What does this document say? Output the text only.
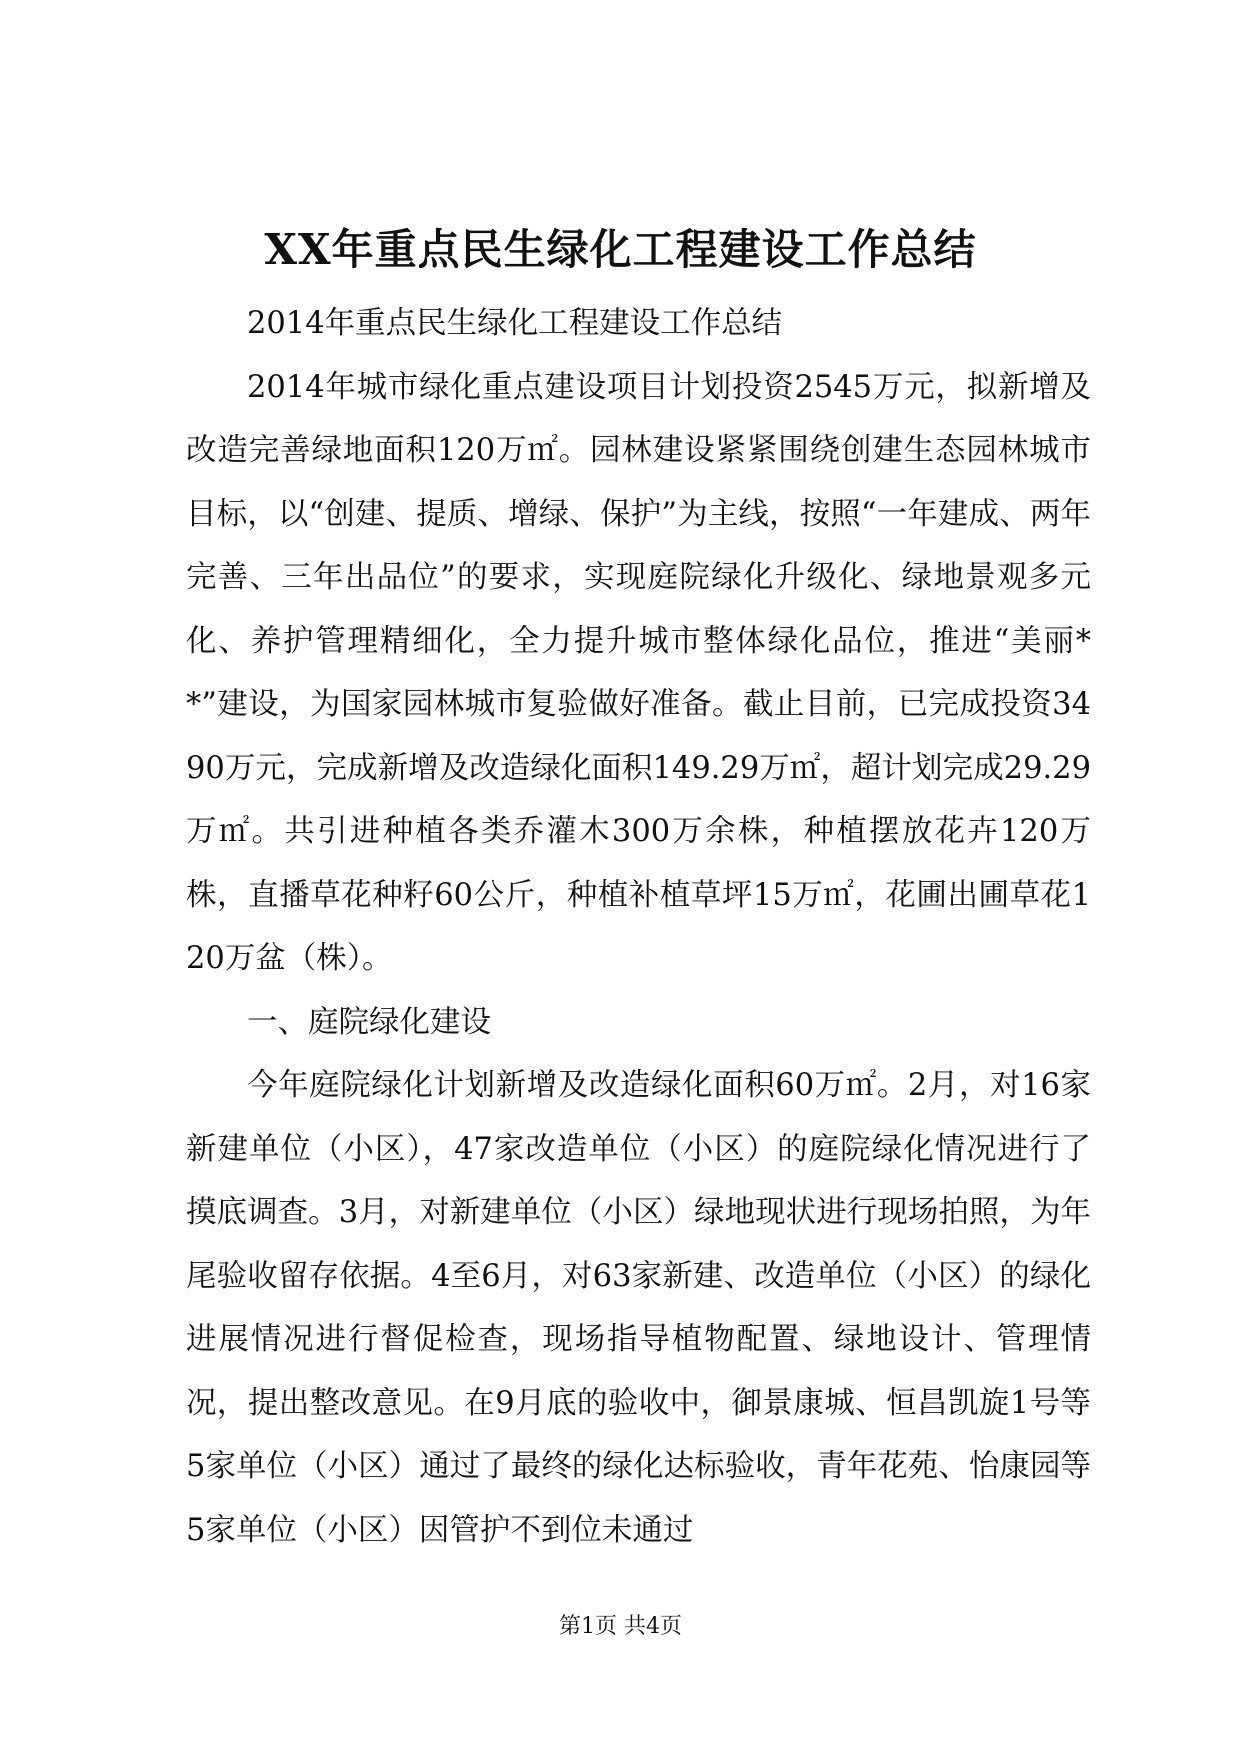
XX年重点民生绿化工程建设工作总结

2014年重点民生绿化工程建设工作总结

2014年城市绿化重点建设项目计划投资2545万元，拟新增及改造完善绿地面积120万㎡。园林建设紧紧围绕创建生态园林城市目标，以“创建、提质、增绿、保护”为主线，按照“一年建成、两年完善、三年出品位”的要求，实现庭院绿化升级化、绿地景观多元化、养护管理精细化，全力提升城市整体绿化品位，推进“美丽**”建设，为国家园林城市复验做好准备。截止目前，已完成投资3490万元，完成新增及改造绿化面积149.29万㎡，超计划完成29.29万㎡。共引进种植各类乔灌木300万余株，种植摆放花卉120万株，直播草花种籽60公斤，种植补植草坪15万㎡，花圃出圃草花120万盆（株）。

一、庭院绿化建设

今年庭院绿化计划新增及改造绿化面积60万㎡。2月，对16家新建单位（小区），47家改造单位（小区）的庭院绿化情况进行了摸底调查。3月，对新建单位（小区）绿地现状进行现场拍照，为年尾验收留存依据。4至6月，对63家新建、改造单位（小区）的绿化进展情况进行督促检查，现场指导植物配置、绿地设计、管理情况，提出整改意见。在9月底的验收中，御景康城、恒昌凯旋1号等5家单位（小区）通过了最终的绿化达标验收，青年花苑、怡康园等5家单位（小区）因管护不到位未通过

第1页 共4页
